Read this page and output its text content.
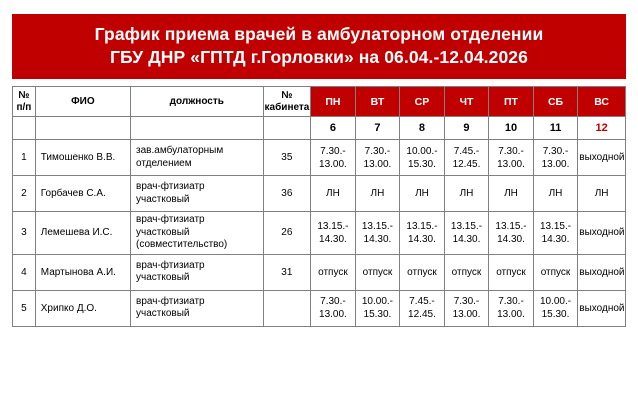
График приема врачей в амбулаторном отделении
ГБУ ДНР «ГПТД г.Горловки» на 06.04.-12.04.2026
№ п/п	ФИО	должность	№ кабинета	ПН	ВТ	СР	ЧТ	ПТ	СБ	ВС
				6	7	8	9	10	11	12
1	Тимошенко В.В.	зав.амбулаторным отделением	35	7.30.-
13.00.	7.30.-
13.00.	10.00.-
15.30.	7.45.-
12.45.	7.30.-
13.00.	7.30.-
13.00.	выходной
2	Горбачев С.А.	врач-фтизиатр участковый	36	ЛН	ЛН	ЛН	ЛН	ЛН	ЛН	ЛН
3	Лемешева И.С.	врач-фтизиатр участковый (совместительство)	26	13.15.-
14.30.	13.15.-
14.30.	13.15.-
14.30.	13.15.-
14.30.	13.15.-
14.30.	13.15.-
14.30.	выходной
4	Мартынова А.И.	врач-фтизиатр участковый	31	отпуск	отпуск	отпуск	отпуск	отпуск	отпуск	выходной
5	Хрипко Д.О.	врач-фтизиатр участковый		7.30.-
13.00.	10.00.-
15.30.	7.45.-
12.45.	7.30.-
13.00.	7.30.-
13.00.	10.00.-
15.30.	выходной
